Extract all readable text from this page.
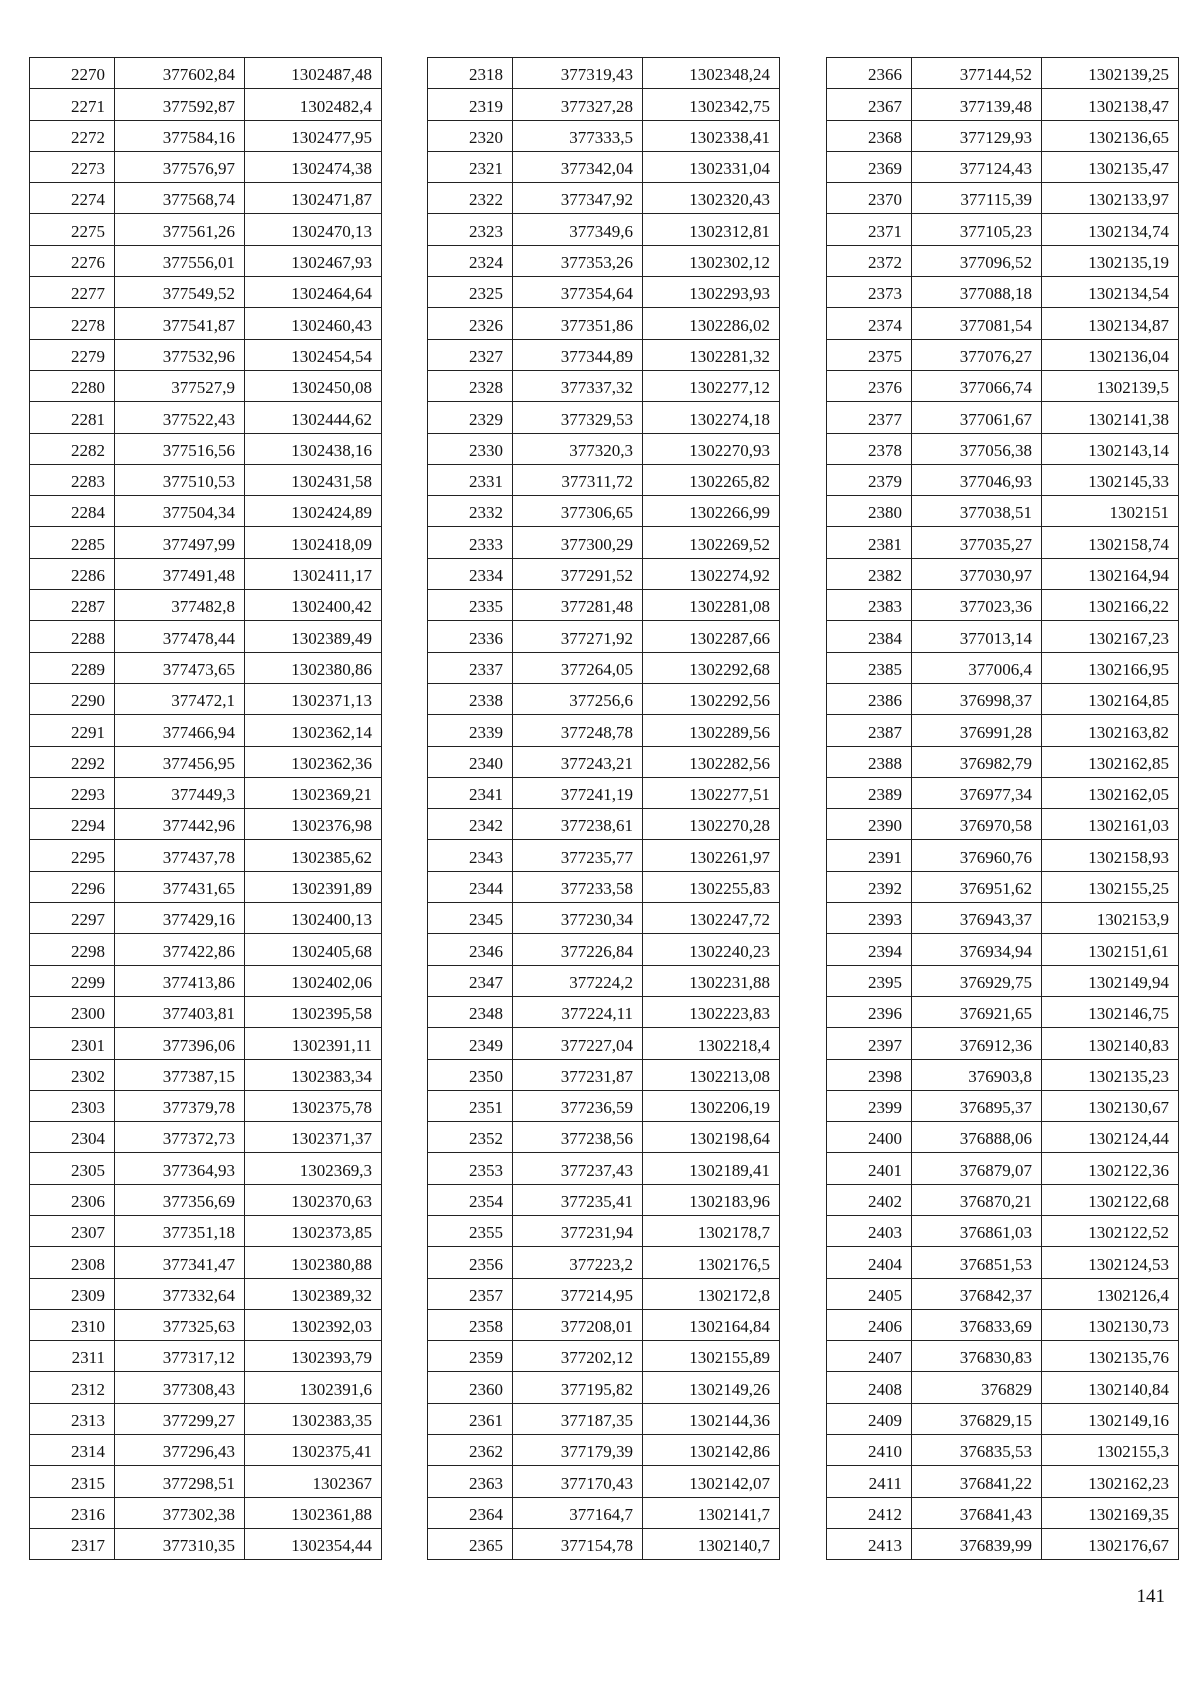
2270	377602,84	1302487,48
2271	377592,87	1302482,4
2272	377584,16	1302477,95
2273	377576,97	1302474,38
2274	377568,74	1302471,87
2275	377561,26	1302470,13
2276	377556,01	1302467,93
2277	377549,52	1302464,64
2278	377541,87	1302460,43
2279	377532,96	1302454,54
2280	377527,9	1302450,08
2281	377522,43	1302444,62
2282	377516,56	1302438,16
2283	377510,53	1302431,58
2284	377504,34	1302424,89
2285	377497,99	1302418,09
2286	377491,48	1302411,17
2287	377482,8	1302400,42
2288	377478,44	1302389,49
2289	377473,65	1302380,86
2290	377472,1	1302371,13
2291	377466,94	1302362,14
2292	377456,95	1302362,36
2293	377449,3	1302369,21
2294	377442,96	1302376,98
2295	377437,78	1302385,62
2296	377431,65	1302391,89
2297	377429,16	1302400,13
2298	377422,86	1302405,68
2299	377413,86	1302402,06
2300	377403,81	1302395,58
2301	377396,06	1302391,11
2302	377387,15	1302383,34
2303	377379,78	1302375,78
2304	377372,73	1302371,37
2305	377364,93	1302369,3
2306	377356,69	1302370,63
2307	377351,18	1302373,85
2308	377341,47	1302380,88
2309	377332,64	1302389,32
2310	377325,63	1302392,03
2311	377317,12	1302393,79
2312	377308,43	1302391,6
2313	377299,27	1302383,35
2314	377296,43	1302375,41
2315	377298,51	1302367
2316	377302,38	1302361,88
2317	377310,35	1302354,44
2318	377319,43	1302348,24
2319	377327,28	1302342,75
2320	377333,5	1302338,41
2321	377342,04	1302331,04
2322	377347,92	1302320,43
2323	377349,6	1302312,81
2324	377353,26	1302302,12
2325	377354,64	1302293,93
2326	377351,86	1302286,02
2327	377344,89	1302281,32
2328	377337,32	1302277,12
2329	377329,53	1302274,18
2330	377320,3	1302270,93
2331	377311,72	1302265,82
2332	377306,65	1302266,99
2333	377300,29	1302269,52
2334	377291,52	1302274,92
2335	377281,48	1302281,08
2336	377271,92	1302287,66
2337	377264,05	1302292,68
2338	377256,6	1302292,56
2339	377248,78	1302289,56
2340	377243,21	1302282,56
2341	377241,19	1302277,51
2342	377238,61	1302270,28
2343	377235,77	1302261,97
2344	377233,58	1302255,83
2345	377230,34	1302247,72
2346	377226,84	1302240,23
2347	377224,2	1302231,88
2348	377224,11	1302223,83
2349	377227,04	1302218,4
2350	377231,87	1302213,08
2351	377236,59	1302206,19
2352	377238,56	1302198,64
2353	377237,43	1302189,41
2354	377235,41	1302183,96
2355	377231,94	1302178,7
2356	377223,2	1302176,5
2357	377214,95	1302172,8
2358	377208,01	1302164,84
2359	377202,12	1302155,89
2360	377195,82	1302149,26
2361	377187,35	1302144,36
2362	377179,39	1302142,86
2363	377170,43	1302142,07
2364	377164,7	1302141,7
2365	377154,78	1302140,7
2366	377144,52	1302139,25
2367	377139,48	1302138,47
2368	377129,93	1302136,65
2369	377124,43	1302135,47
2370	377115,39	1302133,97
2371	377105,23	1302134,74
2372	377096,52	1302135,19
2373	377088,18	1302134,54
2374	377081,54	1302134,87
2375	377076,27	1302136,04
2376	377066,74	1302139,5
2377	377061,67	1302141,38
2378	377056,38	1302143,14
2379	377046,93	1302145,33
2380	377038,51	1302151
2381	377035,27	1302158,74
2382	377030,97	1302164,94
2383	377023,36	1302166,22
2384	377013,14	1302167,23
2385	377006,4	1302166,95
2386	376998,37	1302164,85
2387	376991,28	1302163,82
2388	376982,79	1302162,85
2389	376977,34	1302162,05
2390	376970,58	1302161,03
2391	376960,76	1302158,93
2392	376951,62	1302155,25
2393	376943,37	1302153,9
2394	376934,94	1302151,61
2395	376929,75	1302149,94
2396	376921,65	1302146,75
2397	376912,36	1302140,83
2398	376903,8	1302135,23
2399	376895,37	1302130,67
2400	376888,06	1302124,44
2401	376879,07	1302122,36
2402	376870,21	1302122,68
2403	376861,03	1302122,52
2404	376851,53	1302124,53
2405	376842,37	1302126,4
2406	376833,69	1302130,73
2407	376830,83	1302135,76
2408	376829	1302140,84
2409	376829,15	1302149,16
2410	376835,53	1302155,3
2411	376841,22	1302162,23
2412	376841,43	1302169,35
2413	376839,99	1302176,67
141
